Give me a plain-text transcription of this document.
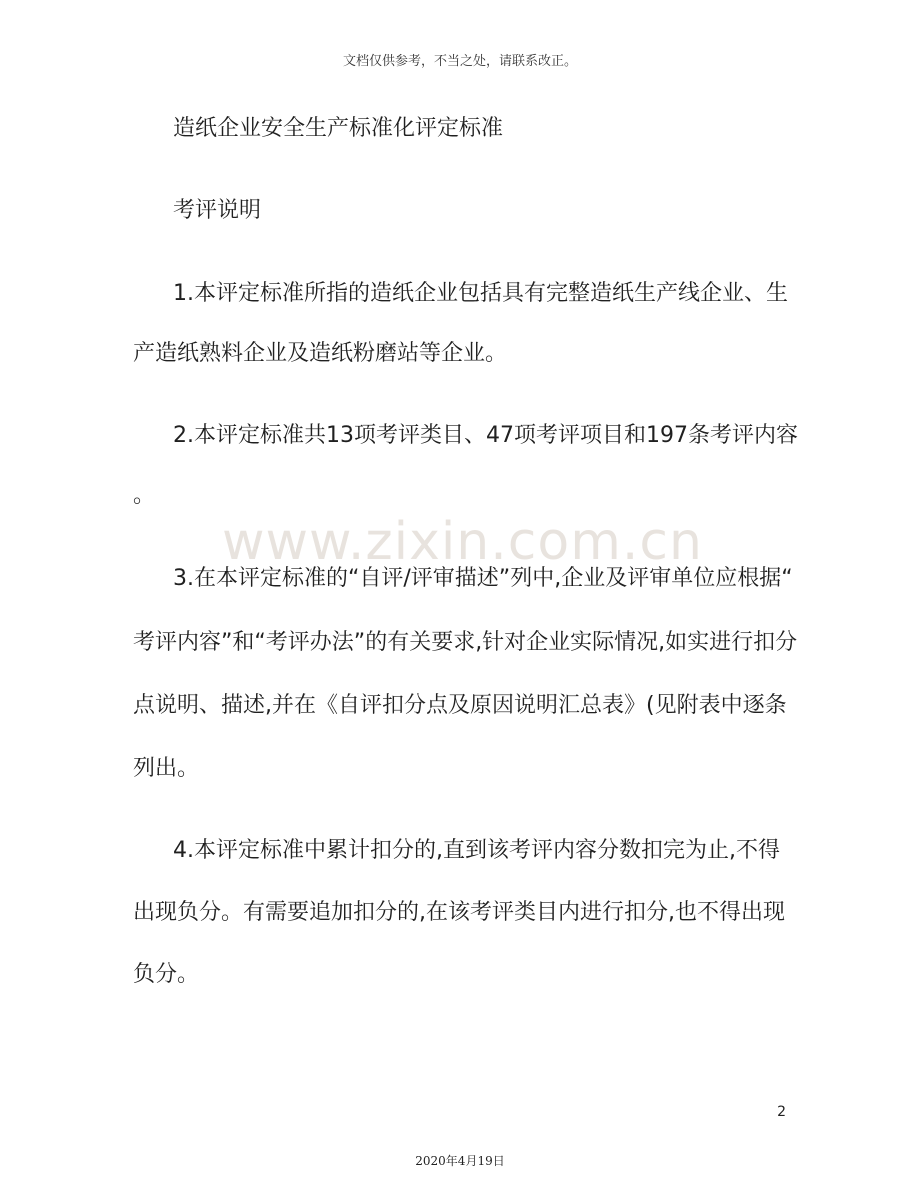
www.zixin.com.cn
文档仅供参考，不当之处，请联系改正。
造纸企业安全生产标准化评定标准
考评说明
1.本评定标准所指的造纸企业包括具有完整造纸生产线企业、生
产造纸熟料企业及造纸粉磨站等企业。
2.本评定标准共13项考评类目、47项考评项目和197条考评内容
。
3.在本评定标准的“自评/评审描述”列中,企业及评审单位应根据“
考评内容”和“考评办法”的有关要求,针对企业实际情况,如实进行扣分
点说明、描述,并在《自评扣分点及原因说明汇总表》(见附表中逐条
列出。
4.本评定标准中累计扣分的,直到该考评内容分数扣完为止,不得
出现负分。有需要追加扣分的,在该考评类目内进行扣分,也不得出现
负分。
2
2020年4月19日
